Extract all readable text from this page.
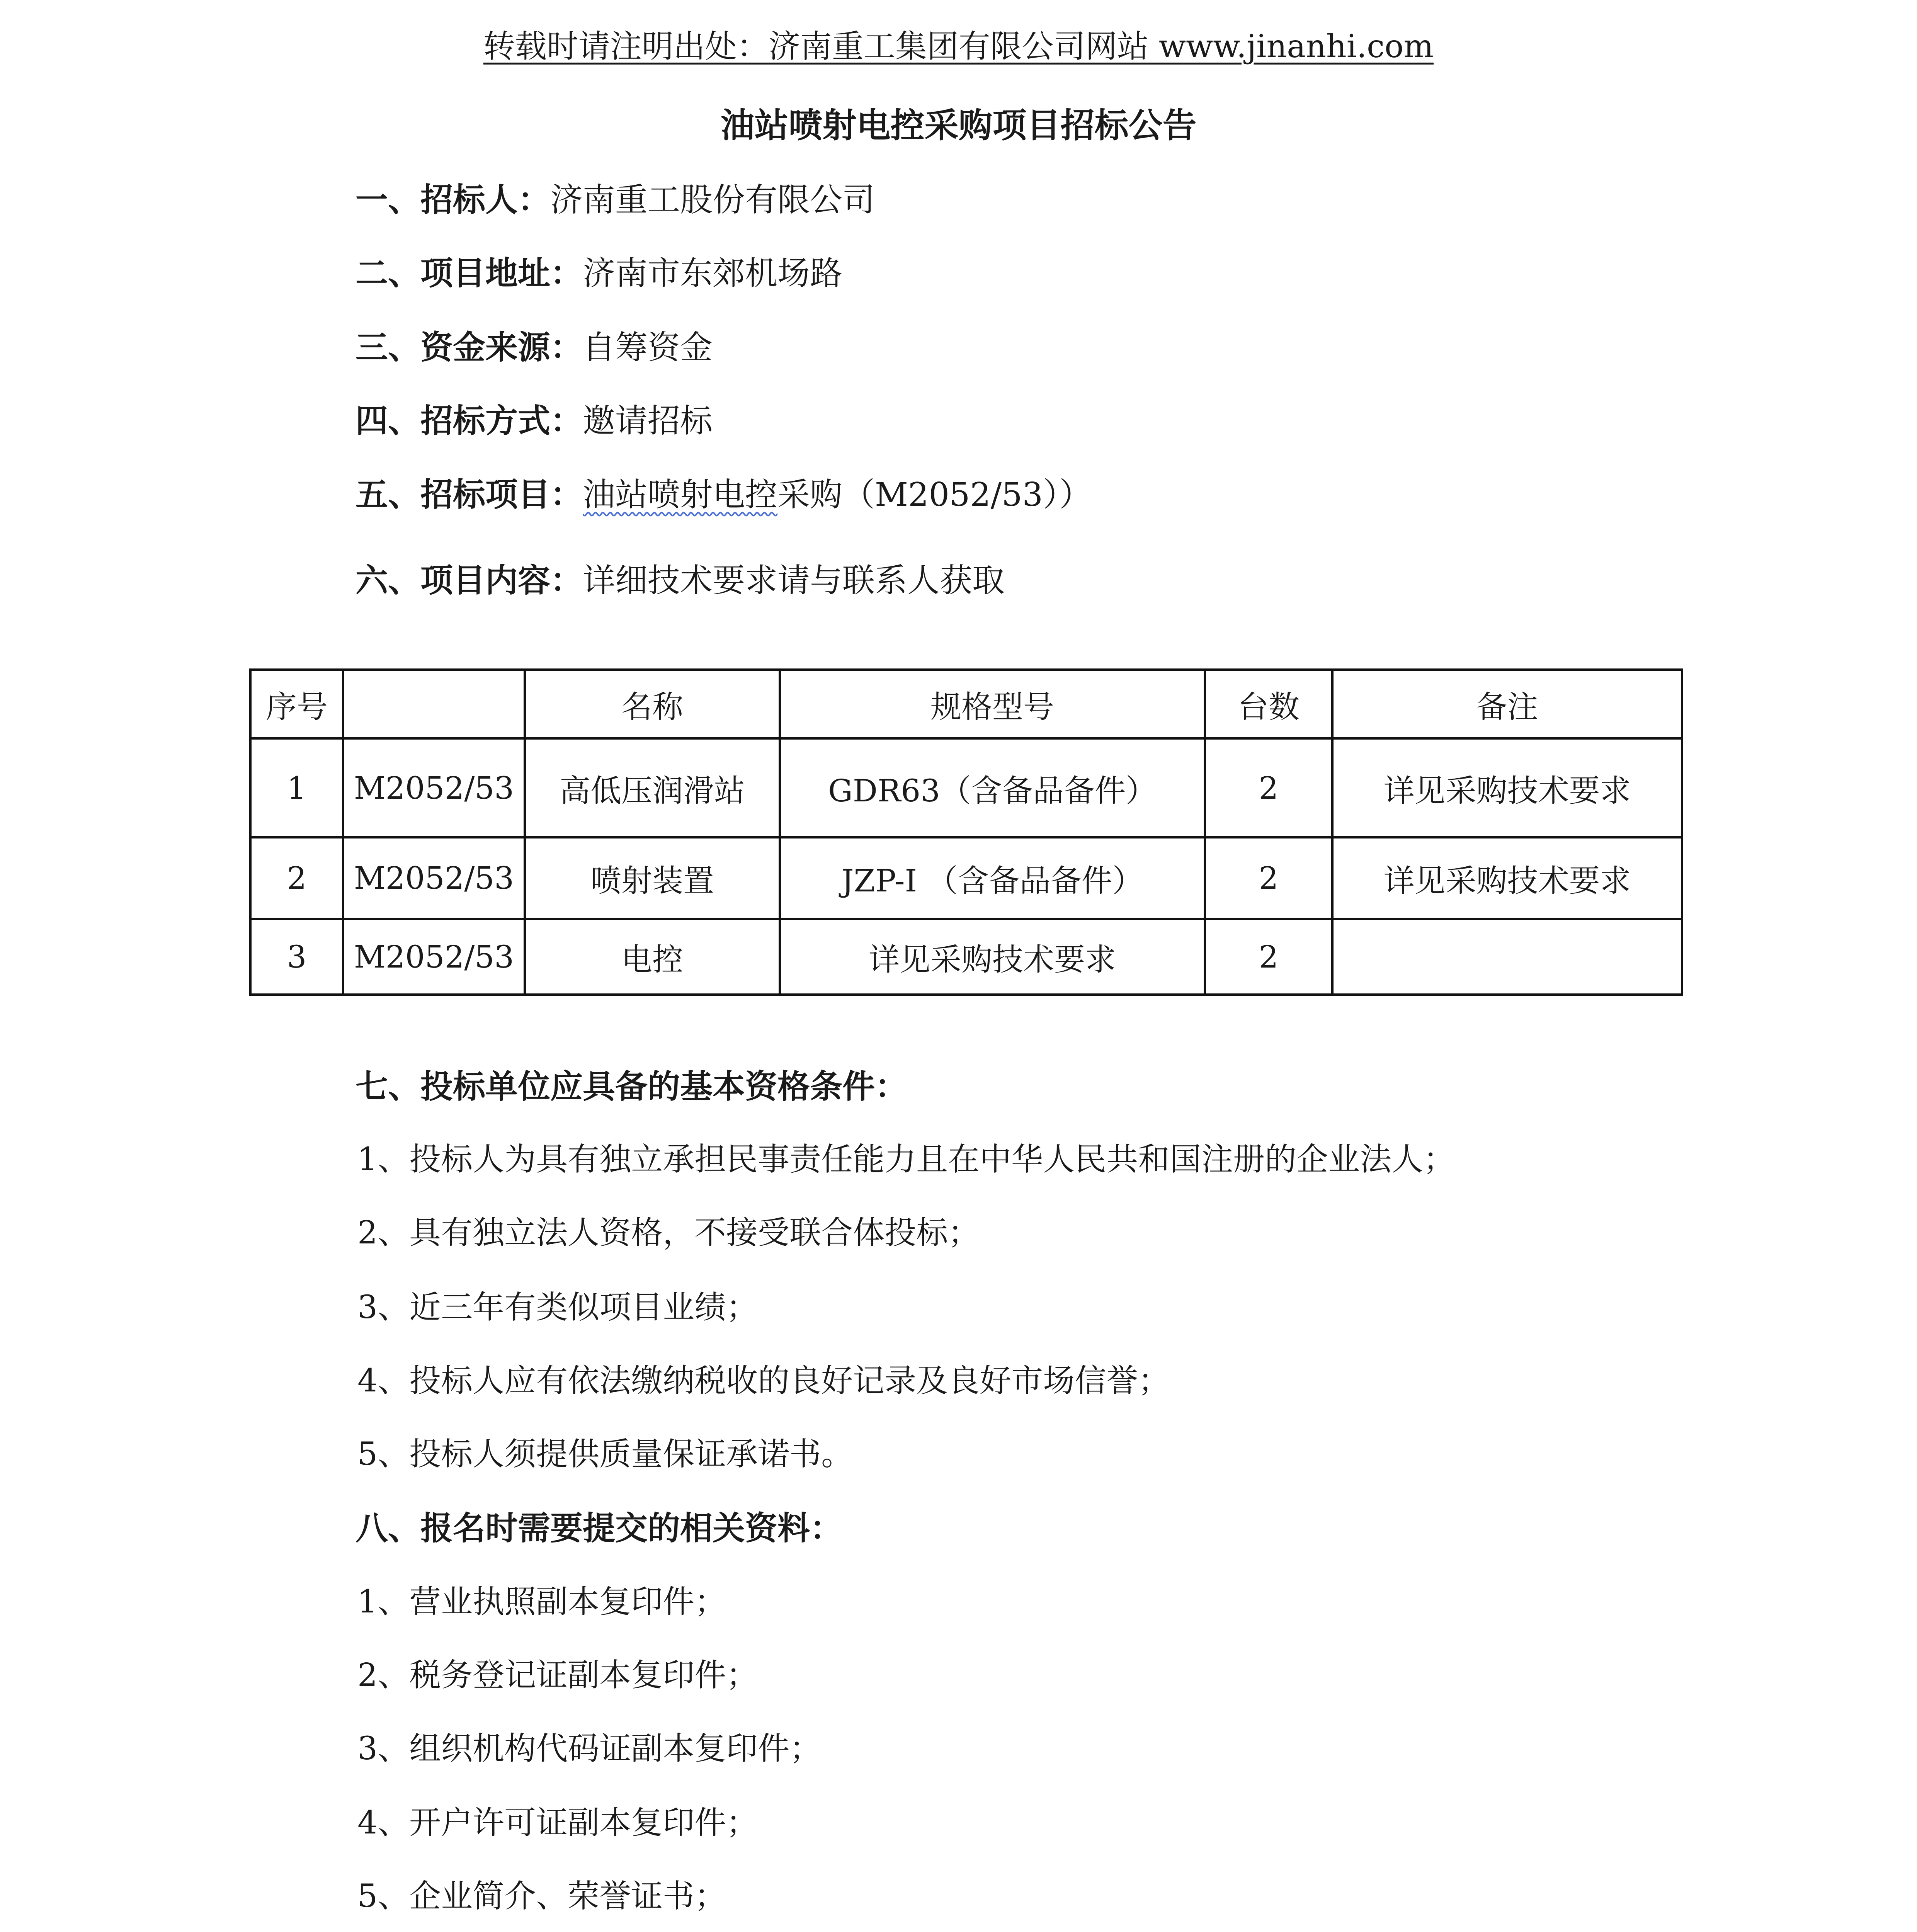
转载时请注明出处：济南重工集团有限公司网站 www.jinanhi.com
油站喷射电控采购项目招标公告
一、招标人：济南重工股份有限公司
二、项目地址：济南市东郊机场路
三、资金来源：自筹资金
四、招标方式：邀请招标
五、招标项目：油站喷射电控采购（M2052/53））
六、项目内容：详细技术要求请与联系人获取
序号		名称	规格型号	台数	备注
1	M2052/53	高低压润滑站	GDR63（含备品备件）	2	详见采购技术要求
2	M2052/53	喷射装置	JZP-I （含备品备件）	2	详见采购技术要求
3	M2052/53	电控	详见采购技术要求	2	
七、投标单位应具备的基本资格条件：
1、投标人为具有独立承担民事责任能力且在中华人民共和国注册的企业法人；
2、具有独立法人资格，不接受联合体投标；
3、近三年有类似项目业绩；
4、投标人应有依法缴纳税收的良好记录及良好市场信誉；
5、投标人须提供质量保证承诺书。
八、报名时需要提交的相关资料：
1、营业执照副本复印件；
2、税务登记证副本复印件；
3、组织机构代码证副本复印件；
4、开户许可证副本复印件；
5、企业简介、荣誉证书；
